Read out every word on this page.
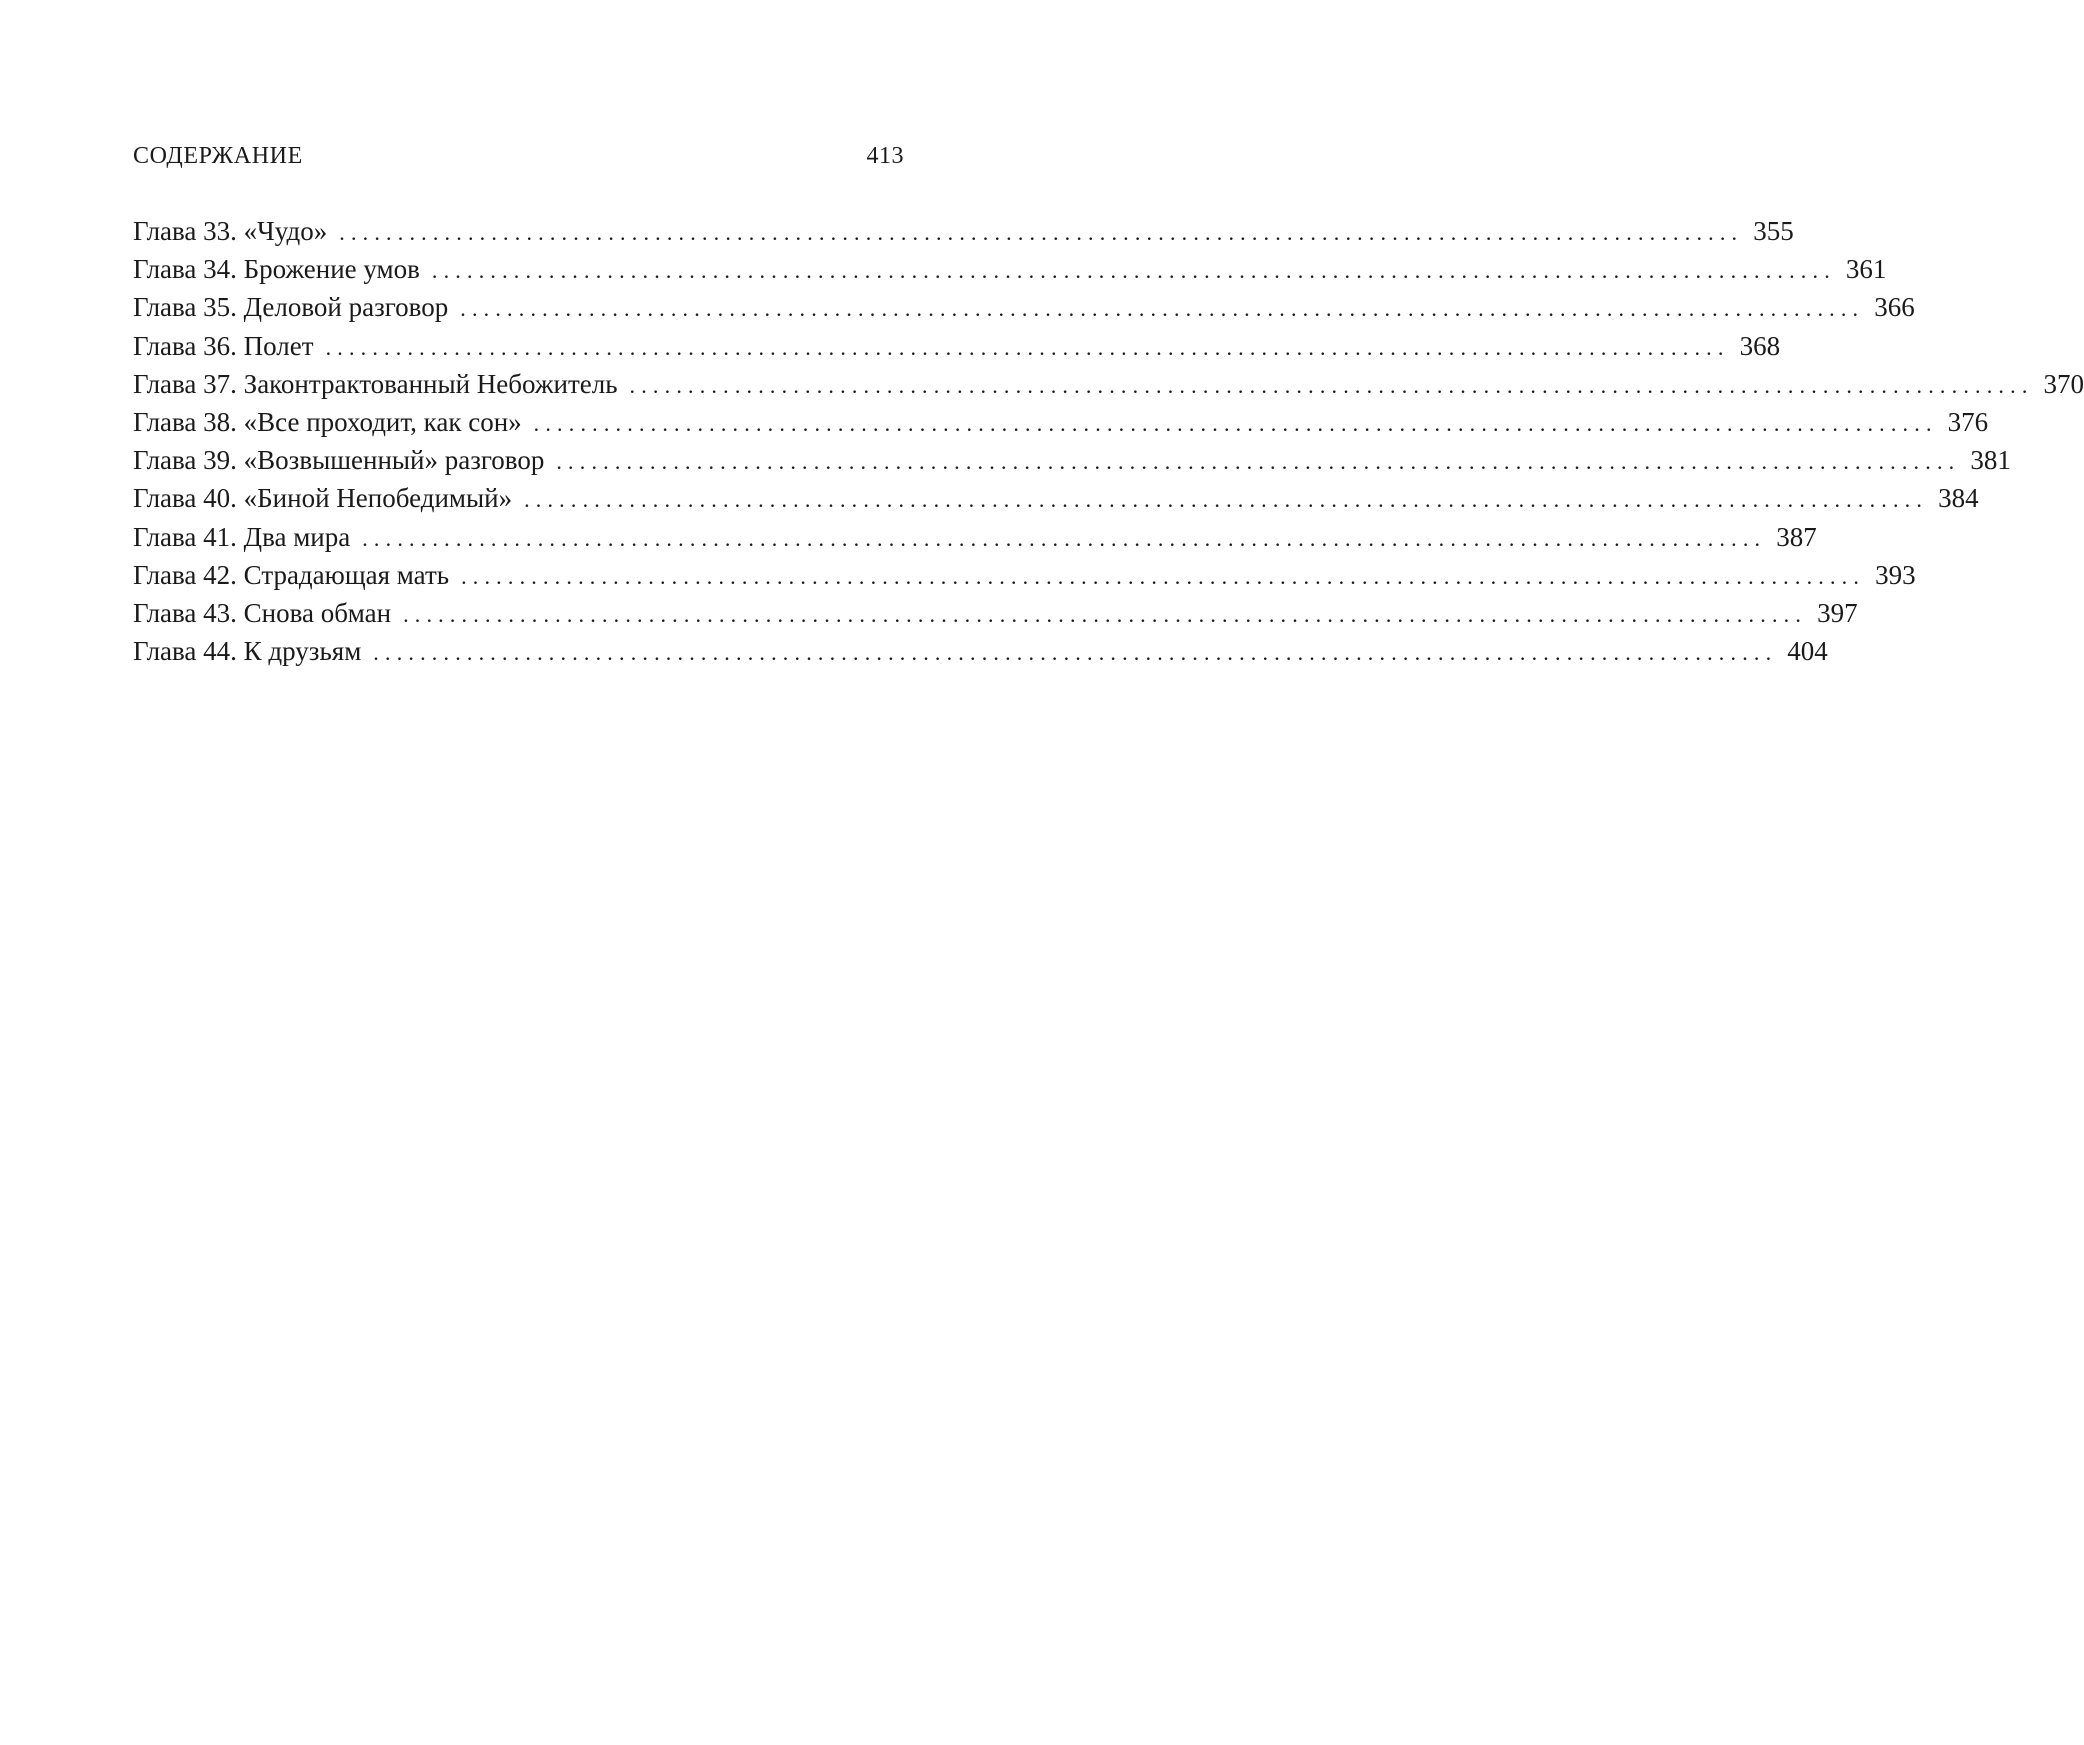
СОДЕРЖАНИЕ	413
Глава 33. «Чудо» ........................................................................................................................ 355
Глава 34. Брожение умов ........................................................................................................................ 361
Глава 35. Деловой разговор ........................................................................................................................ 366
Глава 36. Полет ........................................................................................................................ 368
Глава 37. Законтрактованный Небожитель ........................................................................................................................ 370
Глава 38. «Все проходит, как сон» ........................................................................................................................ 376
Глава 39. «Возвышенный» разговор ........................................................................................................................ 381
Глава 40. «Биной Непобедимый» ........................................................................................................................ 384
Глава 41. Два мира ........................................................................................................................ 387
Глава 42. Страдающая мать ........................................................................................................................ 393
Глава 43. Снова обман ........................................................................................................................ 397
Глава 44. К друзьям ........................................................................................................................ 404
